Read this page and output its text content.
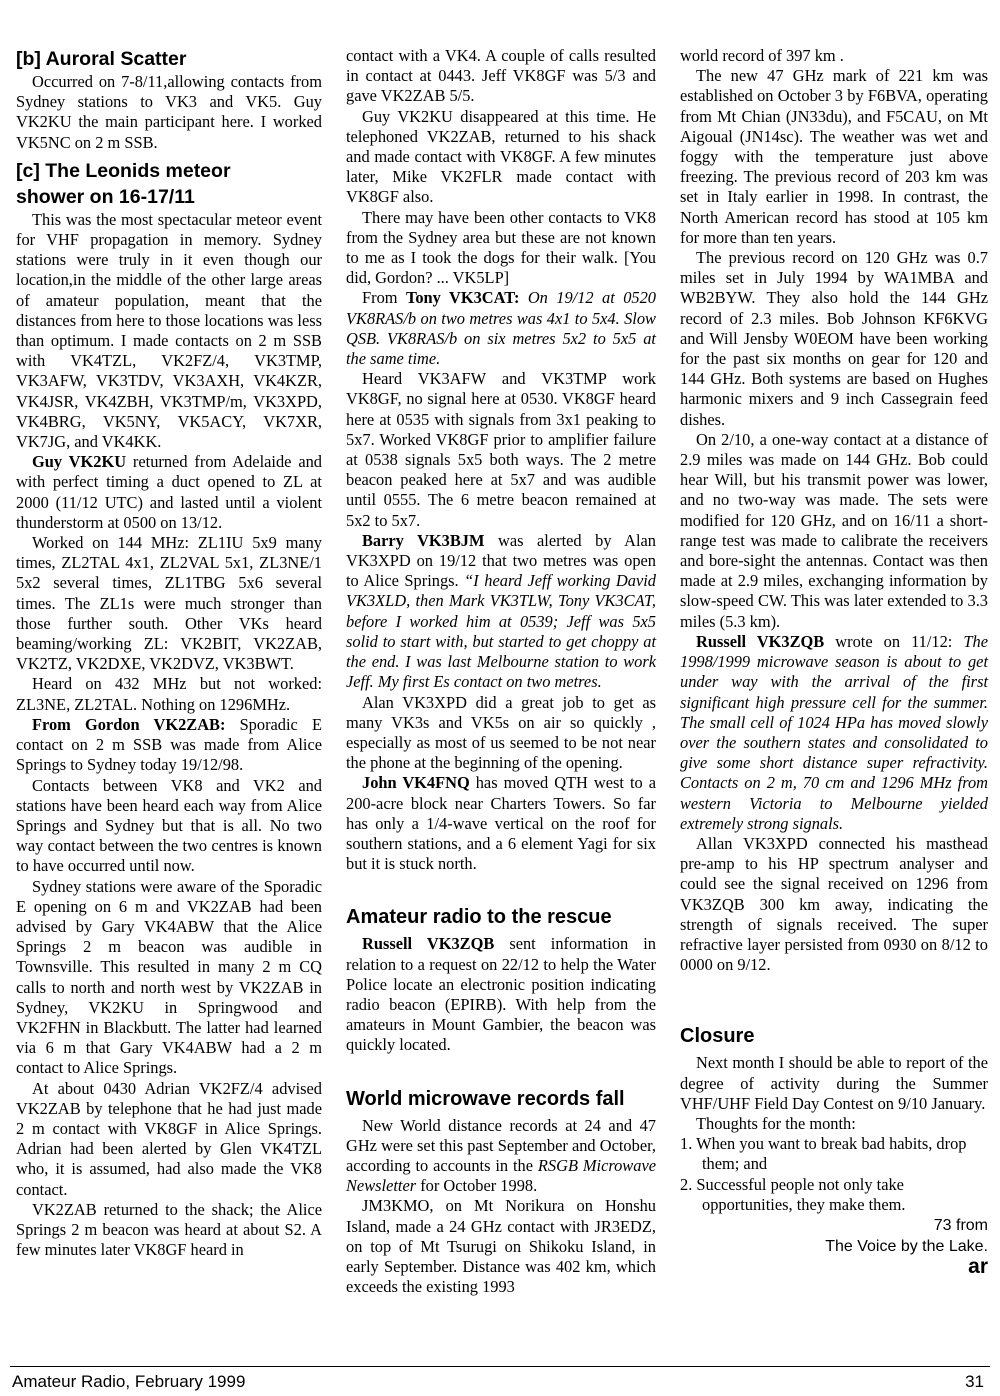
[b] Auroral Scatter

Occurred on 7-8/11,allowing contacts from Sydney stations to VK3 and VK5. Guy VK2KU the main participant here. I worked VK5NC on 2 m SSB.

[c] The Leonids meteor
shower on 16-17/11

This was the most spectacular meteor event for VHF propagation in memory. Sydney stations were truly in it even though our location,in the middle of the other large areas of amateur population, meant that the distances from here to those locations was less than optimum. I made contacts on 2 m SSB with VK4TZL, VK2FZ/4, VK3TMP, VK3AFW, VK3TDV, VK3AXH, VK4KZR, VK4JSR, VK4ZBH, VK3TMP/m, VK3XPD, VK4BRG, VK5NY, VK5ACY, VK7XR, VK7JG, and VK4KK.

Guy VK2KU returned from Adelaide and with perfect timing a duct opened to ZL at 2000 (11/12 UTC) and lasted until a violent thunderstorm at 0500 on 13/12.

Worked on 144 MHz: ZL1IU 5x9 many times, ZL2TAL 4x1, ZL2VAL 5x1, ZL3NE/1 5x2 several times, ZL1TBG 5x6 several times. The ZL1s were much stronger than those further south. Other VKs heard beaming/working ZL: VK2BIT, VK2ZAB, VK2TZ, VK2DXE, VK2DVZ, VK3BWT.

Heard on 432 MHz but not worked: ZL3NE, ZL2TAL. Nothing on 1296MHz.

From Gordon VK2ZAB: Sporadic E contact on 2 m SSB was made from Alice Springs to Sydney today 19/12/98.

Contacts between VK8 and VK2 and stations have been heard each way from Alice Springs and Sydney but that is all. No two way contact between the two centres is known to have occurred until now.

Sydney stations were aware of the Sporadic E opening on 6 m and VK2ZAB had been advised by Gary VK4ABW that the Alice Springs 2 m beacon was audible in Townsville. This resulted in many 2 m CQ calls to north and north west by VK2ZAB in Sydney, VK2KU in Springwood and VK2FHN in Blackbutt. The latter had learned via 6 m that Gary VK4ABW had a 2 m contact to Alice Springs.

At about 0430 Adrian VK2FZ/4 advised VK2ZAB by telephone that he had just made 2 m contact with VK8GF in Alice Springs. Adrian had been alerted by Glen VK4TZL who, it is assumed, had also made the VK8 contact.

VK2ZAB returned to the shack; the Alice Springs 2 m beacon was heard at about S2. A few minutes later VK8GF heard in

contact with a VK4. A couple of calls resulted in contact at 0443. Jeff VK8GF was 5/3 and gave VK2ZAB 5/5.

Guy VK2KU disappeared at this time. He telephoned VK2ZAB, returned to his shack and made contact with VK8GF. A few minutes later, Mike VK2FLR made contact with VK8GF also.

There may have been other contacts to VK8 from the Sydney area but these are not known to me as I took the dogs for their walk. [You did, Gordon? ... VK5LP]

From Tony VK3CAT: On 19/12 at 0520 VK8RAS/b on two metres was 4x1 to 5x4. Slow QSB. VK8RAS/b on six metres 5x2 to 5x5 at the same time.

Heard VK3AFW and VK3TMP work VK8GF, no signal here at 0530. VK8GF heard here at 0535 with signals from 3x1 peaking to 5x7. Worked VK8GF prior to amplifier failure at 0538 signals 5x5 both ways. The 2 metre beacon peaked here at 5x7 and was audible until 0555. The 6 metre beacon remained at 5x2 to 5x7.

Barry VK3BJM was alerted by Alan VK3XPD on 19/12 that two metres was open to Alice Springs. “I heard Jeff working David VK3XLD, then Mark VK3TLW, Tony VK3CAT, before I worked him at 0539; Jeff was 5x5 solid to start with, but started to get choppy at the end. I was last Melbourne station to work Jeff. My first Es contact on two metres.

Alan VK3XPD did a great job to get as many VK3s and VK5s on air so quickly , especially as most of us seemed to be not near the phone at the beginning of the opening.

John VK4FNQ has moved QTH west to a 200-acre block near Charters Towers. So far has only a 1/4-wave vertical on the roof for southern stations, and a 6 element Yagi for six but it is stuck north.

Amateur radio to the rescue

Russell VK3ZQB sent information in relation to a request on 22/12 to help the Water Police locate an electronic position indicating radio beacon (EPIRB). With help from the amateurs in Mount Gambier, the beacon was quickly located.

World microwave records fall

New World distance records at 24 and 47 GHz were set this past September and October, according to accounts in the RSGB Microwave Newsletter for October 1998.

JM3KMO, on Mt Norikura on Honshu Island, made a 24 GHz contact with JR3EDZ, on top of Mt Tsurugi on Shikoku Island, in early September. Distance was 402 km, which exceeds the existing 1993

world record of 397 km .

The new 47 GHz mark of 221 km was established on October 3 by F6BVA, operating from Mt Chian (JN33du), and F5CAU, on Mt Aigoual (JN14sc). The weather was wet and foggy with the temperature just above freezing. The previous record of 203 km was set in Italy earlier in 1998. In contrast, the North American record has stood at 105 km for more than ten years.

The previous record on 120 GHz was 0.7 miles set in July 1994 by WA1MBA and WB2BYW. They also hold the 144 GHz record of 2.3 miles. Bob Johnson KF6KVG and Will Jensby W0EOM have been working for the past six months on gear for 120 and 144 GHz. Both systems are based on Hughes harmonic mixers and 9 inch Cassegrain feed dishes.

On 2/10, a one-way contact at a distance of 2.9 miles was made on 144 GHz. Bob could hear Will, but his transmit power was lower, and no two-way was made. The sets were modified for 120 GHz, and on 16/11 a short-range test was made to calibrate the receivers and bore-sight the antennas. Contact was then made at 2.9 miles, exchanging information by slow-speed CW. This was later extended to 3.3 miles (5.3 km).

Russell VK3ZQB wrote on 11/12: The 1998/1999 microwave season is about to get under way with the arrival of the first significant high pressure cell for the summer. The small cell of 1024 HPa has moved slowly over the southern states and consolidated to give some short distance super refractivity. Contacts on 2 m, 70 cm and 1296 MHz from western Victoria to Melbourne yielded extremely strong signals.

Allan VK3XPD connected his masthead pre-amp to his HP spectrum analyser and could see the signal received on 1296 from VK3ZQB 300 km away, indicating the strength of signals received. The super refractive layer persisted from 0930 on 8/12 to 0000 on 9/12.

Closure

Next month I should be able to report of the degree of activity during the Summer VHF/UHF Field Day Contest on 9/10 January.

Thoughts for the month:

1. When you want to break bad habits, drop them; and
2. Successful people not only take opportunities, they make them.

73 from

The Voice by the Lake.

ar

Amateur Radio, February 1999	31
